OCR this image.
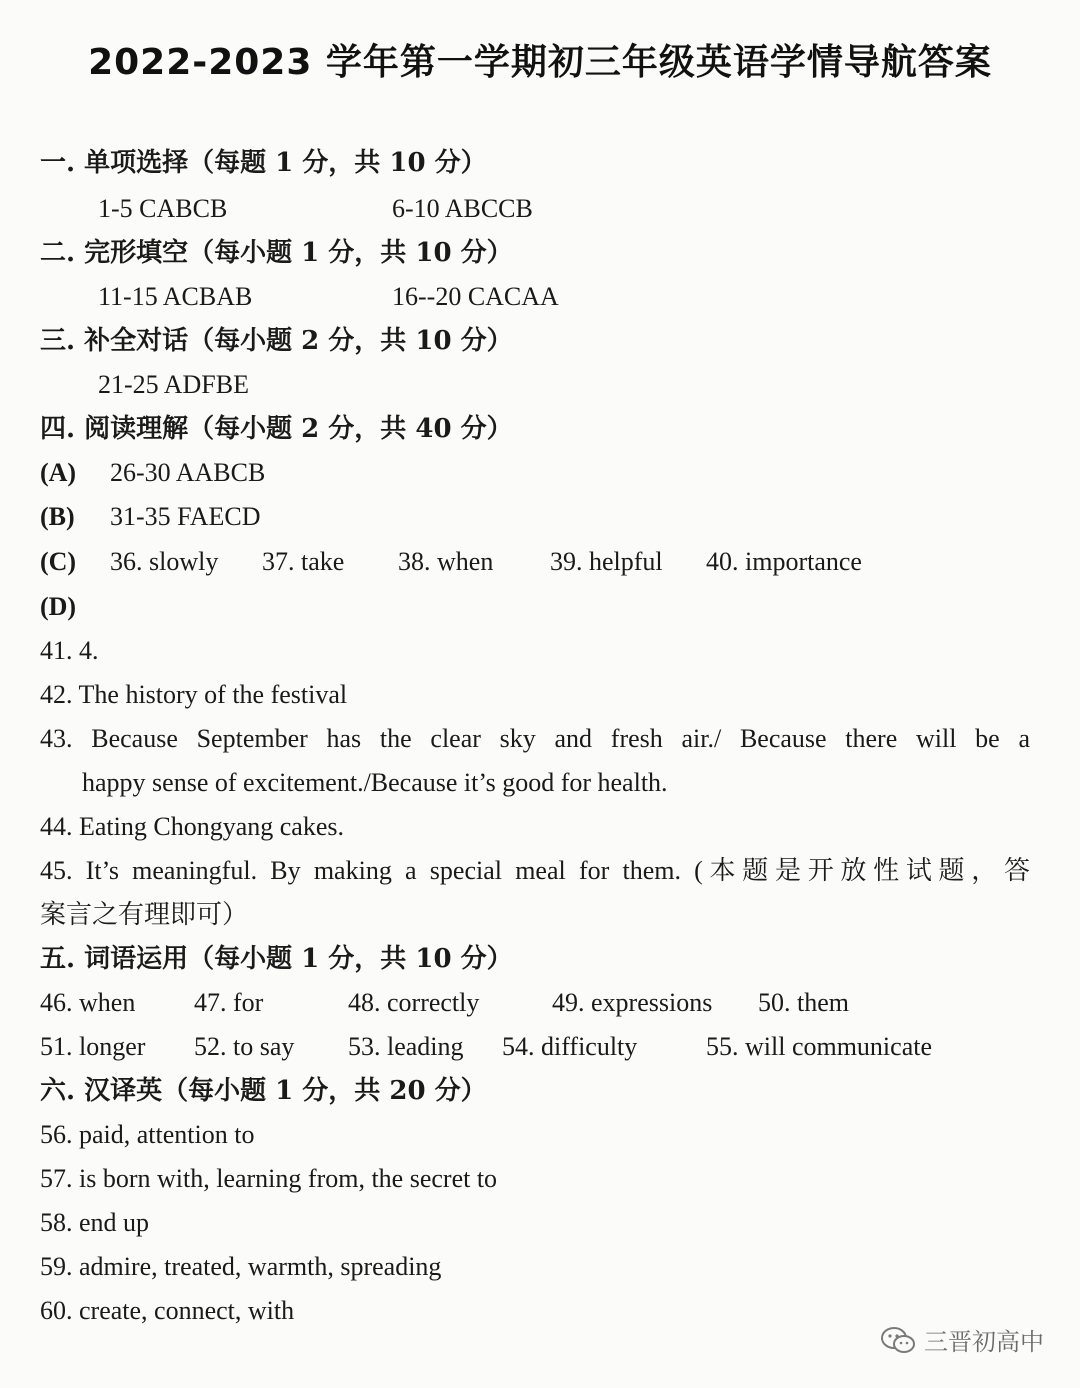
2022-2023 学年第一学期初三年级英语学情导航答案
一. 单项选择（每题 1 分，共 10 分）
1-5 CABCB	6-10 ABCCB
二. 完形填空（每小题 1 分，共 10 分）
11-15 ACBAB	16--20 CACAA
三. 补全对话（每小题 2 分，共 10 分）
21-25 ADFBE
四. 阅读理解（每小题 2 分，共 40 分）
(A) 26-30 AABCB
(B) 31-35 FAECD
(C) 36. slowly 37. take 38. when 39. helpful 40. importance
(D)
41. 4.
42. The history of the festival
43. Because September has the clear sky and fresh air./ Because there will be a
happy sense of excitement./Because it’s good for health.
44. Eating Chongyang cakes.
45. It’s meaningful. By making a special meal for them. (本题是开放性试题，答
案言之有理即可）
五. 词语运用（每小题 1 分，共 10 分）
46. when 47. for	48. correctly	49. expressions 50. them
51. longer 52. to say 53. leading 54. difficulty	55. will communicate
六. 汉译英（每小题 1 分，共 20 分）
56. paid, attention to
57. is born with, learning from, the secret to
58. end up
59. admire, treated, warmth, spreading
60. create, connect, with
三晋初高中
